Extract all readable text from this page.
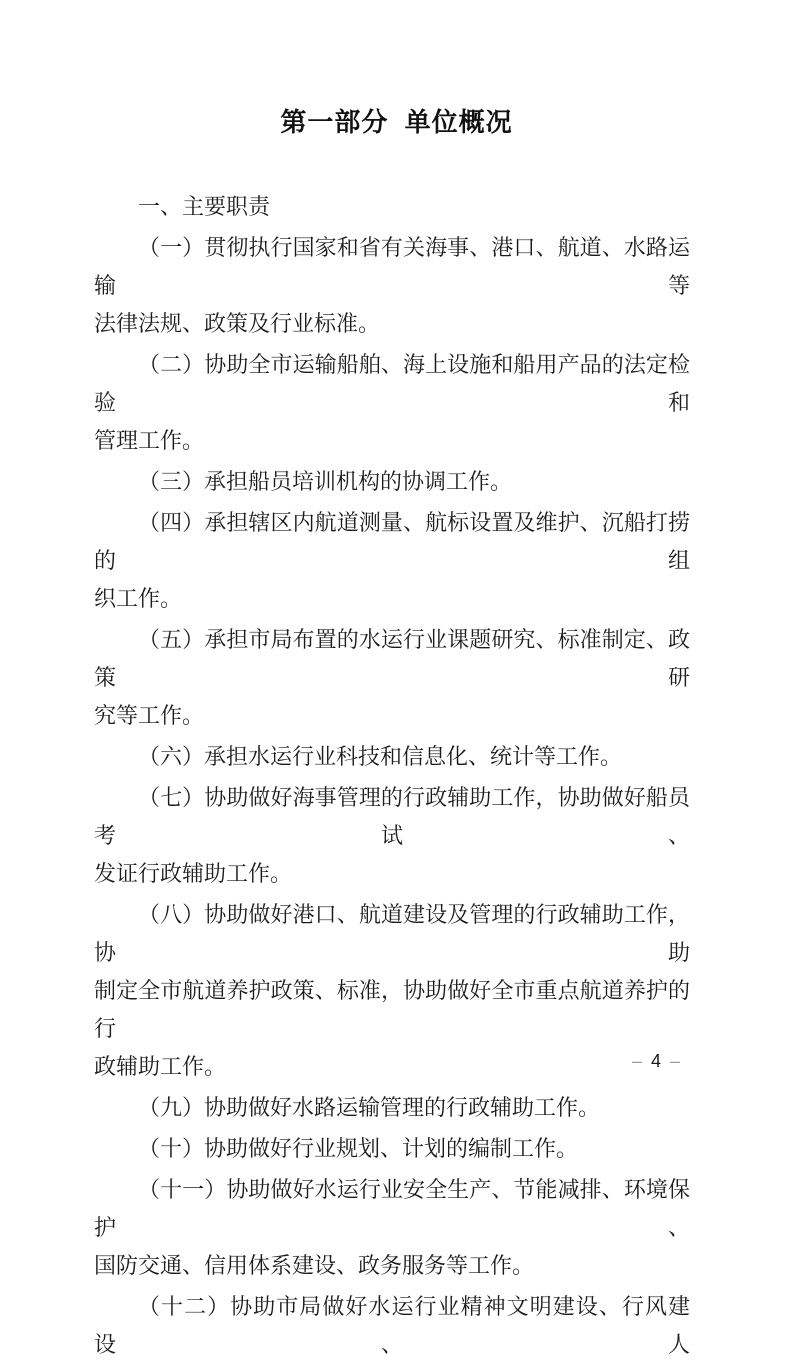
第一部分 单位概况
一、主要职责
（一）贯彻执行国家和省有关海事、港口、航道、水路运输等
法律法规、政策及行业标准。
（二）协助全市运输船舶、海上设施和船用产品的法定检验和
管理工作。
（三）承担船员培训机构的协调工作。
（四）承担辖区内航道测量、航标设置及维护、沉船打捞的组
织工作。
（五）承担市局布置的水运行业课题研究、标准制定、政策研
究等工作。
（六）承担水运行业科技和信息化、统计等工作。
（七）协助做好海事管理的行政辅助工作，协助做好船员考试、
发证行政辅助工作。
（八）协助做好港口、航道建设及管理的行政辅助工作，协助
制定全市航道养护政策、标准，协助做好全市重点航道养护的行
政辅助工作。
（九）协助做好水路运输管理的行政辅助工作。
（十）协助做好行业规划、计划的编制工作。
（十一）协助做好水运行业安全生产、节能减排、环境保护、
国防交通、信用体系建设、政务服务等工作。
（十二）协助市局做好水运行业精神文明建设、行风建设、人
– 4 –
